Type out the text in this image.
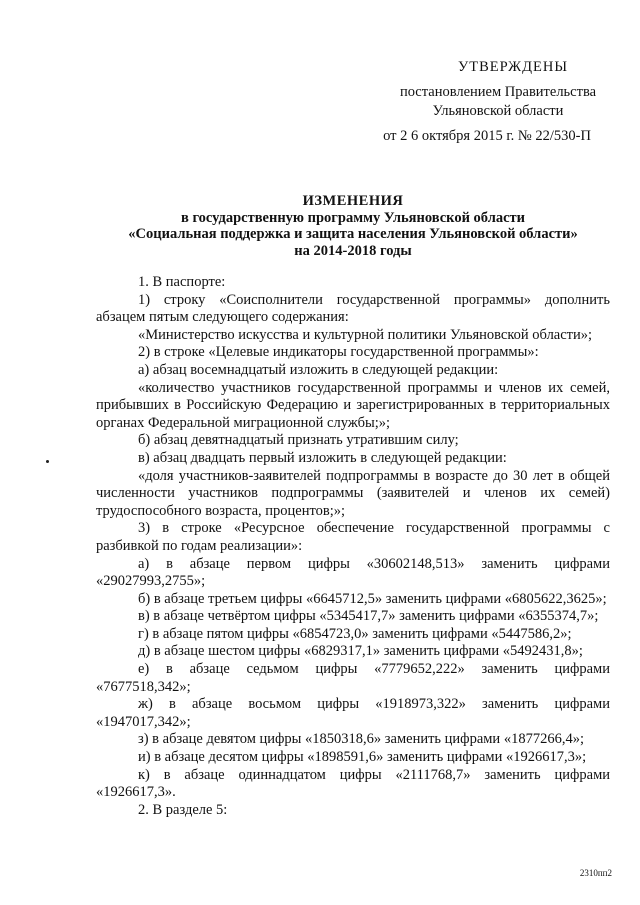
УТВЕРЖДЕНЫ
постановлением Правительства
Ульяновской области
от 2 6 октября 2015 г. № 22/530-П
ИЗМЕНЕНИЯ
в государственную программу Ульяновской области
«Социальная поддержка и защита населения Ульяновской области»
на 2014-2018 годы

1. В паспорте:

1) строку «Соисполнители государственной программы» дополнить абзацем пятым следующего содержания:

«Министерство искусства и культурной политики Ульяновской области»;

2) в строке «Целевые индикаторы государственной программы»:

а) абзац восемнадцатый изложить в следующей редакции:

«количество участников государственной программы и членов их семей, прибывших в Российскую Федерацию и зарегистрированных в территориальных органах Федеральной миграционной службы;»;

б) абзац девятнадцатый признать утратившим силу;

в) абзац двадцать первый изложить в следующей редакции:

«доля участников-заявителей подпрограммы в возрасте до 30 лет в общей численности участников подпрограммы (заявителей и членов их семей) трудоспособного возраста, процентов;»;

3) в строке «Ресурсное обеспечение государственной программы с разбивкой по годам реализации»:

а) в абзаце первом цифры «30602148,513» заменить цифрами «29027993,2755»;

б) в абзаце третьем цифры «6645712,5» заменить цифрами «6805622,3625»;

в) в абзаце четвёртом цифры «5345417,7» заменить цифрами «6355374,7»;

г) в абзаце пятом цифры «6854723,0» заменить цифрами «5447586,2»;

д) в абзаце шестом цифры «6829317,1» заменить цифрами «5492431,8»;

е) в абзаце седьмом цифры «7779652,222» заменить цифрами «7677518,342»;

ж) в абзаце восьмом цифры «1918973,322» заменить цифрами «1947017,342»;

з) в абзаце девятом цифры «1850318,6» заменить цифрами «1877266,4»;

и) в абзаце десятом цифры «1898591,6» заменить цифрами «1926617,3»;

к) в абзаце одиннадцатом цифры «2111768,7» заменить цифрами «1926617,3».

2. В разделе 5:

2310пп2
